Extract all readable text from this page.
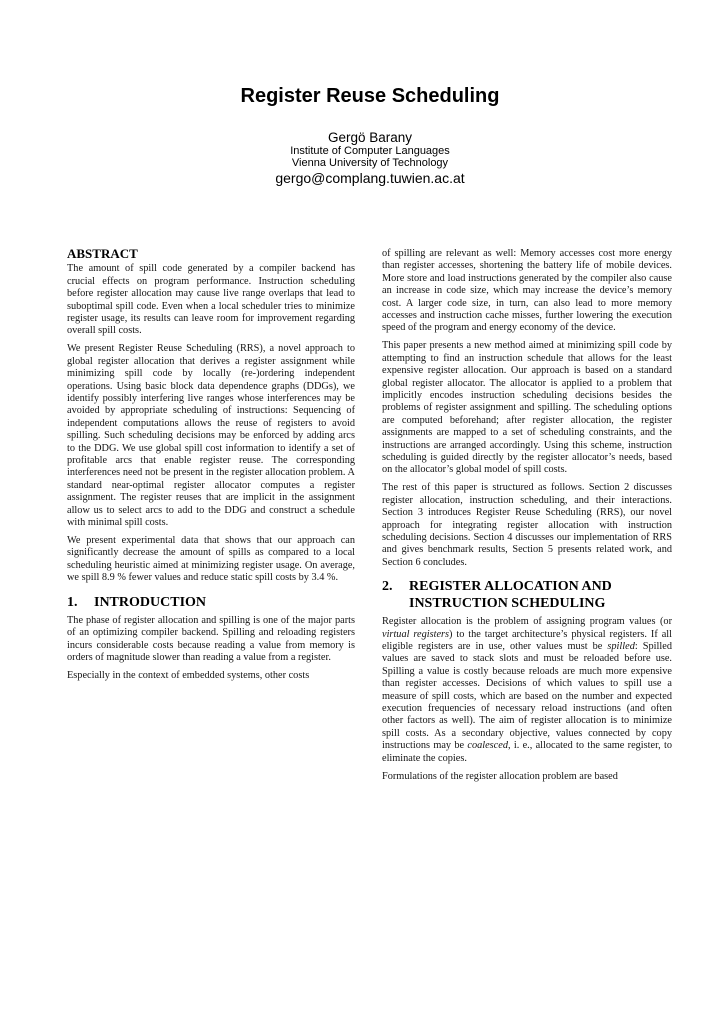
Register Reuse Scheduling
Gergö Barany
Institute of Computer Languages
Vienna University of Technology
gergo@complang.tuwien.ac.at
ABSTRACT

The amount of spill code generated by a compiler backend has crucial effects on program performance. Instruction scheduling before register allocation may cause live range overlaps that lead to suboptimal spill code. Even when a local scheduler tries to minimize register usage, its results can leave room for improvement regarding overall spill costs.

We present Register Reuse Scheduling (RRS), a novel approach to global register allocation that derives a register assignment while minimizing spill code by locally (re-)ordering independent operations. Using basic block data dependence graphs (DDGs), we identify possibly interfering live ranges whose interferences may be avoided by appropriate scheduling of instructions: Sequencing of independent computations allows the reuse of registers to avoid spilling. Such scheduling decisions may be enforced by adding arcs to the DDG. We use global spill cost information to identify a set of profitable arcs that enable register reuse. The corresponding interferences need not be present in the register allocation problem. A standard near-optimal register allocator computes a register assignment. The register reuses that are implicit in the assignment allow us to select arcs to add to the DDG and construct a schedule with minimal spill costs.

We present experimental data that shows that our approach can significantly decrease the amount of spills as compared to a local scheduling heuristic aimed at minimizing register usage. On average, we spill 8.9 % fewer values and reduce static spill costs by 3.4 %.

1.	INTRODUCTION

The phase of register allocation and spilling is one of the major parts of an optimizing compiler backend. Spilling and reloading registers incurs considerable costs because reading a value from memory is orders of magnitude slower than reading a value from a register.

Especially in the context of embedded systems, other costs

of spilling are relevant as well: Memory accesses cost more energy than register accesses, shortening the battery life of mobile devices. More store and load instructions generated by the compiler also cause an increase in code size, which may increase the device’s memory cost. A larger code size, in turn, can also lead to more memory accesses and instruction cache misses, further lowering the execution speed of the program and energy economy of the device.

This paper presents a new method aimed at minimizing spill code by attempting to find an instruction schedule that allows for the least expensive register allocation. Our approach is based on a standard global register allocator. The allocator is applied to a problem that implicitly encodes instruction scheduling decisions besides the problems of register assignment and spilling. The scheduling options are computed beforehand; after register allocation, the register assignments are mapped to a set of scheduling constraints, and the instructions are arranged accordingly. Using this scheme, instruction scheduling is guided directly by the register allocator’s needs, based on the allocator’s global model of spill costs.

The rest of this paper is structured as follows. Section 2 discusses register allocation, instruction scheduling, and their interactions. Section 3 introduces Register Reuse Scheduling (RRS), our novel approach for integrating register allocation with instruction scheduling decisions. Section 4 discusses our implementation of RRS and gives benchmark results, Section 5 presents related work, and Section 6 concludes.

2.	REGISTER ALLOCATION AND INSTRUCTION SCHEDULING

Register allocation is the problem of assigning program values (or virtual registers) to the target architecture’s physical registers. If all eligible registers are in use, other values must be spilled: Spilled values are saved to stack slots and must be reloaded before use. Spilling a value is costly because reloads are much more expensive than register accesses. Decisions of which values to spill use a measure of spill costs, which are based on the number and expected execution frequencies of necessary reload instructions (and often other factors as well). The aim of register allocation is to minimize spill costs. As a secondary objective, values connected by copy instructions may be coalesced, i. e., allocated to the same register, to eliminate the copies.

Formulations of the register allocation problem are based
